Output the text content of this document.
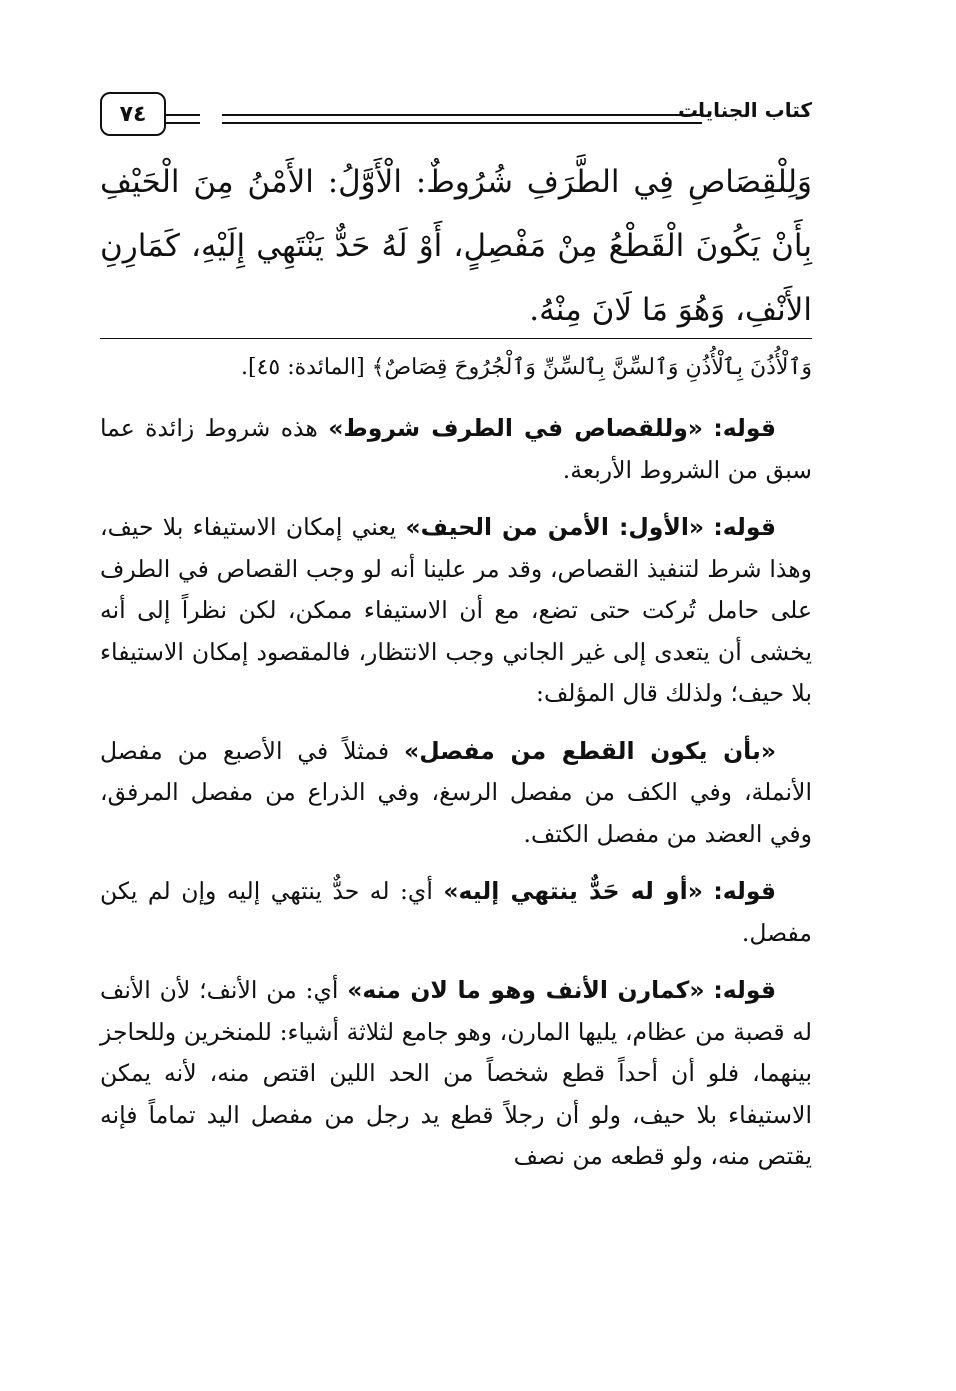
كتاب الجنايات
٧٤
وَلِلْقِصَاصِ فِي الطَّرَفِ شُرُوطٌ: الْأَوَّلُ: الأَمْنُ مِنَ الْحَيْفِ بِأَنْ يَكُونَ الْقَطْعُ مِنْ مَفْصِلٍ، أَوْ لَهُ حَدٌّ يَنْتَهِي إِلَيْهِ، كَمَارِنِ الأَنْفِ، وَهُوَ مَا لَانَ مِنْهُ.
وَٱلْأُذُنَ بِٱلْأُذُنِ وَٱلسِّنَّ بِٱلسِّنِّ وَٱلْجُرُوحَ قِصَاصٌ﴾ [المائدة: ٤٥].

قوله: «وللقصاص في الطرف شروط» هذه شروط زائدة عما سبق من الشروط الأربعة.

قوله: «الأول: الأمن من الحيف» يعني إمكان الاستيفاء بلا حيف، وهذا شرط لتنفيذ القصاص، وقد مر علينا أنه لو وجب القصاص في الطرف على حامل تُركت حتى تضع، مع أن الاستيفاء ممكن، لكن نظراً إلى أنه يخشى أن يتعدى إلى غير الجاني وجب الانتظار، فالمقصود إمكان الاستيفاء بلا حيف؛ ولذلك قال المؤلف:

«بأن يكون القطع من مفصل» فمثلاً في الأصبع من مفصل الأنملة، وفي الكف من مفصل الرسغ، وفي الذراع من مفصل المرفق، وفي العضد من مفصل الكتف.

قوله: «أو له حَدٌّ ينتهي إليه» أي: له حدٌّ ينتهي إليه وإن لم يكن مفصل.

قوله: «كمارن الأنف وهو ما لان منه» أي: من الأنف؛ لأن الأنف له قصبة من عظام، يليها المارن، وهو جامع لثلاثة أشياء: للمنخرين وللحاجز بينهما، فلو أن أحداً قطع شخصاً من الحد اللين اقتص منه، لأنه يمكن الاستيفاء بلا حيف، ولو أن رجلاً قطع يد رجل من مفصل اليد تماماً فإنه يقتص منه، ولو قطعه من نصف
